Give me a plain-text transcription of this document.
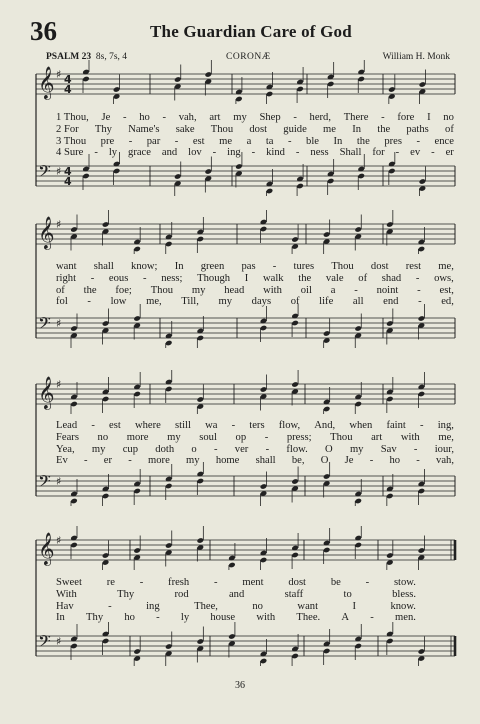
36	The Guardian Care of God
PSALM 23 8s, 7s, 4	CORONÆ	William H. Monk
𝄞 ♯ 4
4
𝄢 ♯ 4
4
1 Thou, Je - ho - vah, art my Shep - herd, There - fore I no
2 For Thy Name's sake Thou dost guide me In the paths of
3 Thou pre - par - est me a ta - ble In the pres - ence
4 Sure - ly grace and lov - ing - kind - ness Shall for - ev - er
𝄞 ♯
𝄢 ♯
want shall know; In green pas - tures Thou dost rest me,
right - eous - ness; Though I walk the vale of shad - ows,
of the foe; Thou my head with oil a - noint - est,
fol - low me, Till, my days of life all end - ed,
𝄞 ♯
𝄢 ♯
Lead - est where still wa - ters flow, And, when faint - ing,
Fears no more my soul op - press; Thou art with me,
Yea, my cup doth o - ver - flow. O my Sav - iour,
Ev - er - more my home shall be, O Je - ho - vah,
𝄞 ♯
𝄢 ♯
Sweet re - fresh - ment dost be - stow.
With	Thy	rod	and	staff	to	bless.
Hav	-	ing	Thee,	no	want	I	know.
In Thy ho - ly house with Thee. A - men.
36
